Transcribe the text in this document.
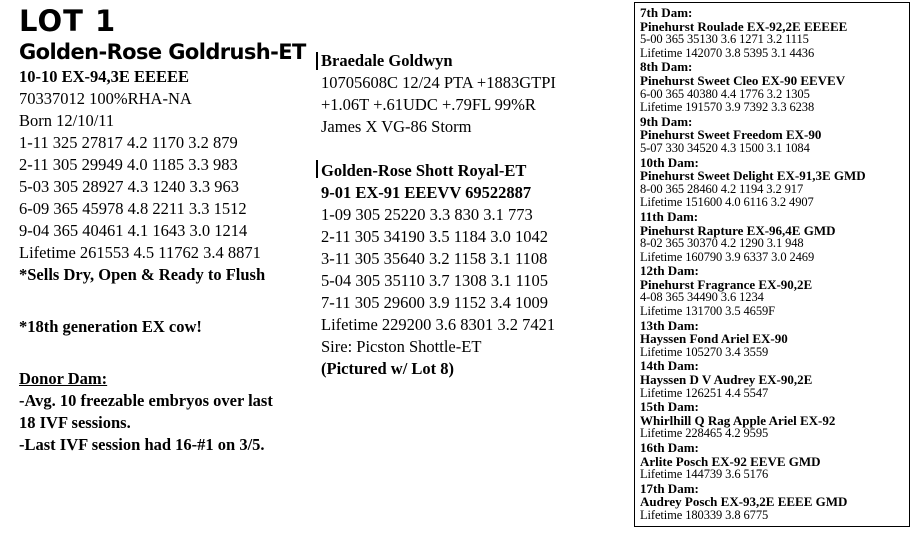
LOT 1
Golden-Rose Goldrush-ET
10-10 EX-94,3E EEEEE
70337012 100%RHA-NA
Born 12/10/11
1-11 325 27817 4.2 1170 3.2 879
2-11 305 29949 4.0 1185 3.3 983
5-03 305 28927 4.3 1240 3.3 963
6-09 365 45978 4.8 2211 3.3 1512
9-04 365 40461 4.1 1643 3.0 1214
Lifetime 261553 4.5 11762 3.4 8871
*Sells Dry, Open & Ready to Flush
*18th generation EX cow!
Donor Dam:
-Avg. 10 freezable embryos over last
18 IVF sessions.
-Last IVF session had 16-#1 on 3/5.
Braedale Goldwyn
10705608C 12/24 PTA +1883GTPI
+1.06T +.61UDC +.79FL 99%R
James X VG-86 Storm
Golden-Rose Shott Royal-ET
9-01 EX-91 EEEVV 69522887
1-09 305 25220 3.3 830 3.1 773
2-11 305 34190 3.5 1184 3.0 1042
3-11 305 35640 3.2 1158 3.1 1108
5-04 305 35110 3.7 1308 3.1 1105
7-11 305 29600 3.9 1152 3.4 1009
Lifetime 229200 3.6 8301 3.2 7421
Sire: Picston Shottle-ET
(Pictured w/ Lot 8)
7th Dam:
Pinehurst Roulade EX-92,2E EEEEE
5-00 365 35130 3.6 1271 3.2 1115
Lifetime 142070 3.8 5395 3.1 4436
8th Dam:
Pinehurst Sweet Cleo EX-90 EEVEV
6-00 365 40380 4.4 1776 3.2 1305
Lifetime 191570 3.9 7392 3.3 6238
9th Dam:
Pinehurst Sweet Freedom EX-90
5-07 330 34520 4.3 1500 3.1 1084
10th Dam:
Pinehurst Sweet Delight EX-91,3E GMD
8-00 365 28460 4.2 1194 3.2 917
Lifetime 151600 4.0 6116 3.2 4907
11th Dam:
Pinehurst Rapture EX-96,4E GMD
8-02 365 30370 4.2 1290 3.1 948
Lifetime 160790 3.9 6337 3.0 2469
12th Dam:
Pinehurst Fragrance EX-90,2E
4-08 365 34490 3.6 1234
Lifetime 131700 3.5 4659F
13th Dam:
Hayssen Fond Ariel EX-90
Lifetime 105270 3.4 3559
14th Dam:
Hayssen D V Audrey EX-90,2E
Lifetime 126251 4.4 5547
15th Dam:
Whirlhill Q Rag Apple Ariel EX-92
Lifetime 228465 4.2 9595
16th Dam:
Arlite Posch EX-92 EEVE GMD
Lifetime 144739 3.6 5176
17th Dam:
Audrey Posch EX-93,2E EEEE GMD
Lifetime 180339 3.8 6775
